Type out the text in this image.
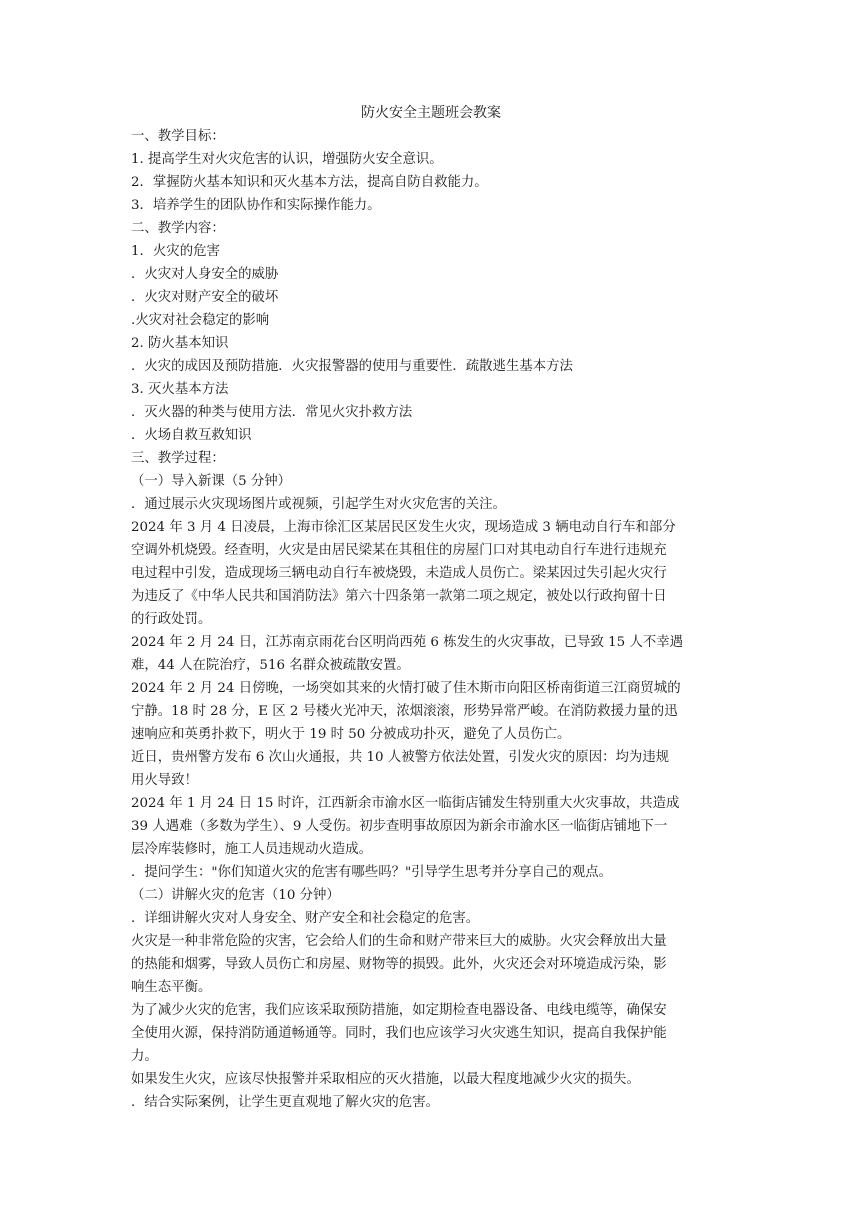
防火安全主题班会教案

一、教学目标：

1. 提高学生对火灾危害的认识，增强防火安全意识。

2．掌握防火基本知识和灭火基本方法，提高自防自救能力。

3．培养学生的团队协作和实际操作能力。

二、教学内容：

1．火灾的危害

．火灾对人身安全的威胁

．火灾对财产安全的破坏

.火灾对社会稳定的影响

2. 防火基本知识

．火灾的成因及预防措施．火灾报警器的使用与重要性．疏散逃生基本方法

3. 灭火基本方法

．灭火器的种类与使用方法．常见火灾扑救方法

．火场自救互救知识

三、教学过程：

（一）导入新课（5 分钟）

．通过展示火灾现场图片或视频，引起学生对火灾危害的关注。

2024 年 3 月 4 日凌晨，上海市徐汇区某居民区发生火灾，现场造成 3 辆电动自行车和部分

空调外机烧毁。经查明，火灾是由居民梁某在其租住的房屋门口对其电动自行车进行违规充

电过程中引发，造成现场三辆电动自行车被烧毁，未造成人员伤亡。梁某因过失引起火灾行

为违反了《中华人民共和国消防法》第六十四条第一款第二项之规定，被处以行政拘留十日

的行政处罚。

2024 年 2 月 24 日，江苏南京雨花台区明尚西苑 6 栋发生的火灾事故，已导致 15 人不幸遇

难，44 人在院治疗，516 名群众被疏散安置。

2024 年 2 月 24 日傍晚，一场突如其来的火情打破了佳木斯市向阳区桥南街道三江商贸城的

宁静。18 时 28 分，E 区 2 号楼火光冲天，浓烟滚滚，形势异常严峻。在消防救援力量的迅

速响应和英勇扑救下，明火于 19 时 50 分被成功扑灭，避免了人员伤亡。

近日，贵州警方发布 6 次山火通报，共 10 人被警方依法处置，引发火灾的原因：均为违规

用火导致！

2024 年 1 月 24 日 15 时许，江西新余市渝水区一临街店铺发生特别重大火灾事故，共造成

39 人遇难（多数为学生）、9 人受伤。初步查明事故原因为新余市渝水区一临街店铺地下一

层冷库装修时，施工人员违规动火造成。

．提问学生："你们知道火灾的危害有哪些吗？"引导学生思考并分享自己的观点。

（二）讲解火灾的危害（10 分钟）

．详细讲解火灾对人身安全、财产安全和社会稳定的危害。

火灾是一种非常危险的灾害，它会给人们的生命和财产带来巨大的威胁。火灾会释放出大量

的热能和烟雾，导致人员伤亡和房屋、财物等的损毁。此外，火灾还会对环境造成污染，影

响生态平衡。

为了减少火灾的危害，我们应该采取预防措施，如定期检查电器设备、电线电缆等，确保安

全使用火源，保持消防通道畅通等。同时，我们也应该学习火灾逃生知识，提高自我保护能

力。

如果发生火灾，应该尽快报警并采取相应的灭火措施，以最大程度地减少火灾的损失。

．结合实际案例，让学生更直观地了解火灾的危害。
